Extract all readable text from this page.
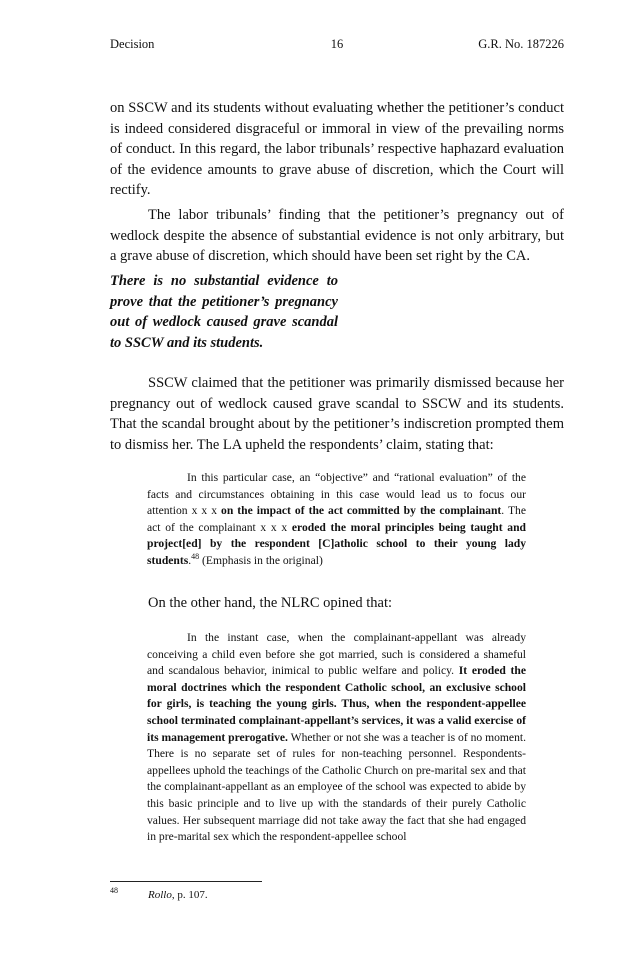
Decision	16	G.R. No. 187226
on SSCW and its students without evaluating whether the petitioner’s conduct is indeed considered disgraceful or immoral in view of the prevailing norms of conduct. In this regard, the labor tribunals’ respective haphazard evaluation of the evidence amounts to grave abuse of discretion, which the Court will rectify.
The labor tribunals’ finding that the petitioner’s pregnancy out of wedlock despite the absence of substantial evidence is not only arbitrary, but a grave abuse of discretion, which should have been set right by the CA.
There is no substantial evidence to prove that the petitioner’s pregnancy out of wedlock caused grave scandal to SSCW and its students.
SSCW claimed that the petitioner was primarily dismissed because her pregnancy out of wedlock caused grave scandal to SSCW and its students. That the scandal brought about by the petitioner’s indiscretion prompted them to dismiss her. The LA upheld the respondents’ claim, stating that:
In this particular case, an “objective” and “rational evaluation” of the facts and circumstances obtaining in this case would lead us to focus our attention x x x on the impact of the act committed by the complainant. The act of the complainant x x x eroded the moral principles being taught and project[ed] by the respondent [C]atholic school to their young lady students.$^{48}$ (Emphasis in the original)
On the other hand, the NLRC opined that:
In the instant case, when the complainant-appellant was already conceiving a child even before she got married, such is considered a shameful and scandalous behavior, inimical to public welfare and policy. It eroded the moral doctrines which the respondent Catholic school, an exclusive school for girls, is teaching the young girls. Thus, when the respondent-appellee school terminated complainant-appellant’s services, it was a valid exercise of its management prerogative. Whether or not she was a teacher is of no moment. There is no separate set of rules for non-teaching personnel. Respondents-appellees uphold the teachings of the Catholic Church on pre-marital sex and that the complainant-appellant as an employee of the school was expected to abide by this basic principle and to live up with the standards of their purely Catholic values. Her subsequent marriage did not take away the fact that she had engaged in pre-marital sex which the respondent-appellee school
48	Rollo, p. 107.
